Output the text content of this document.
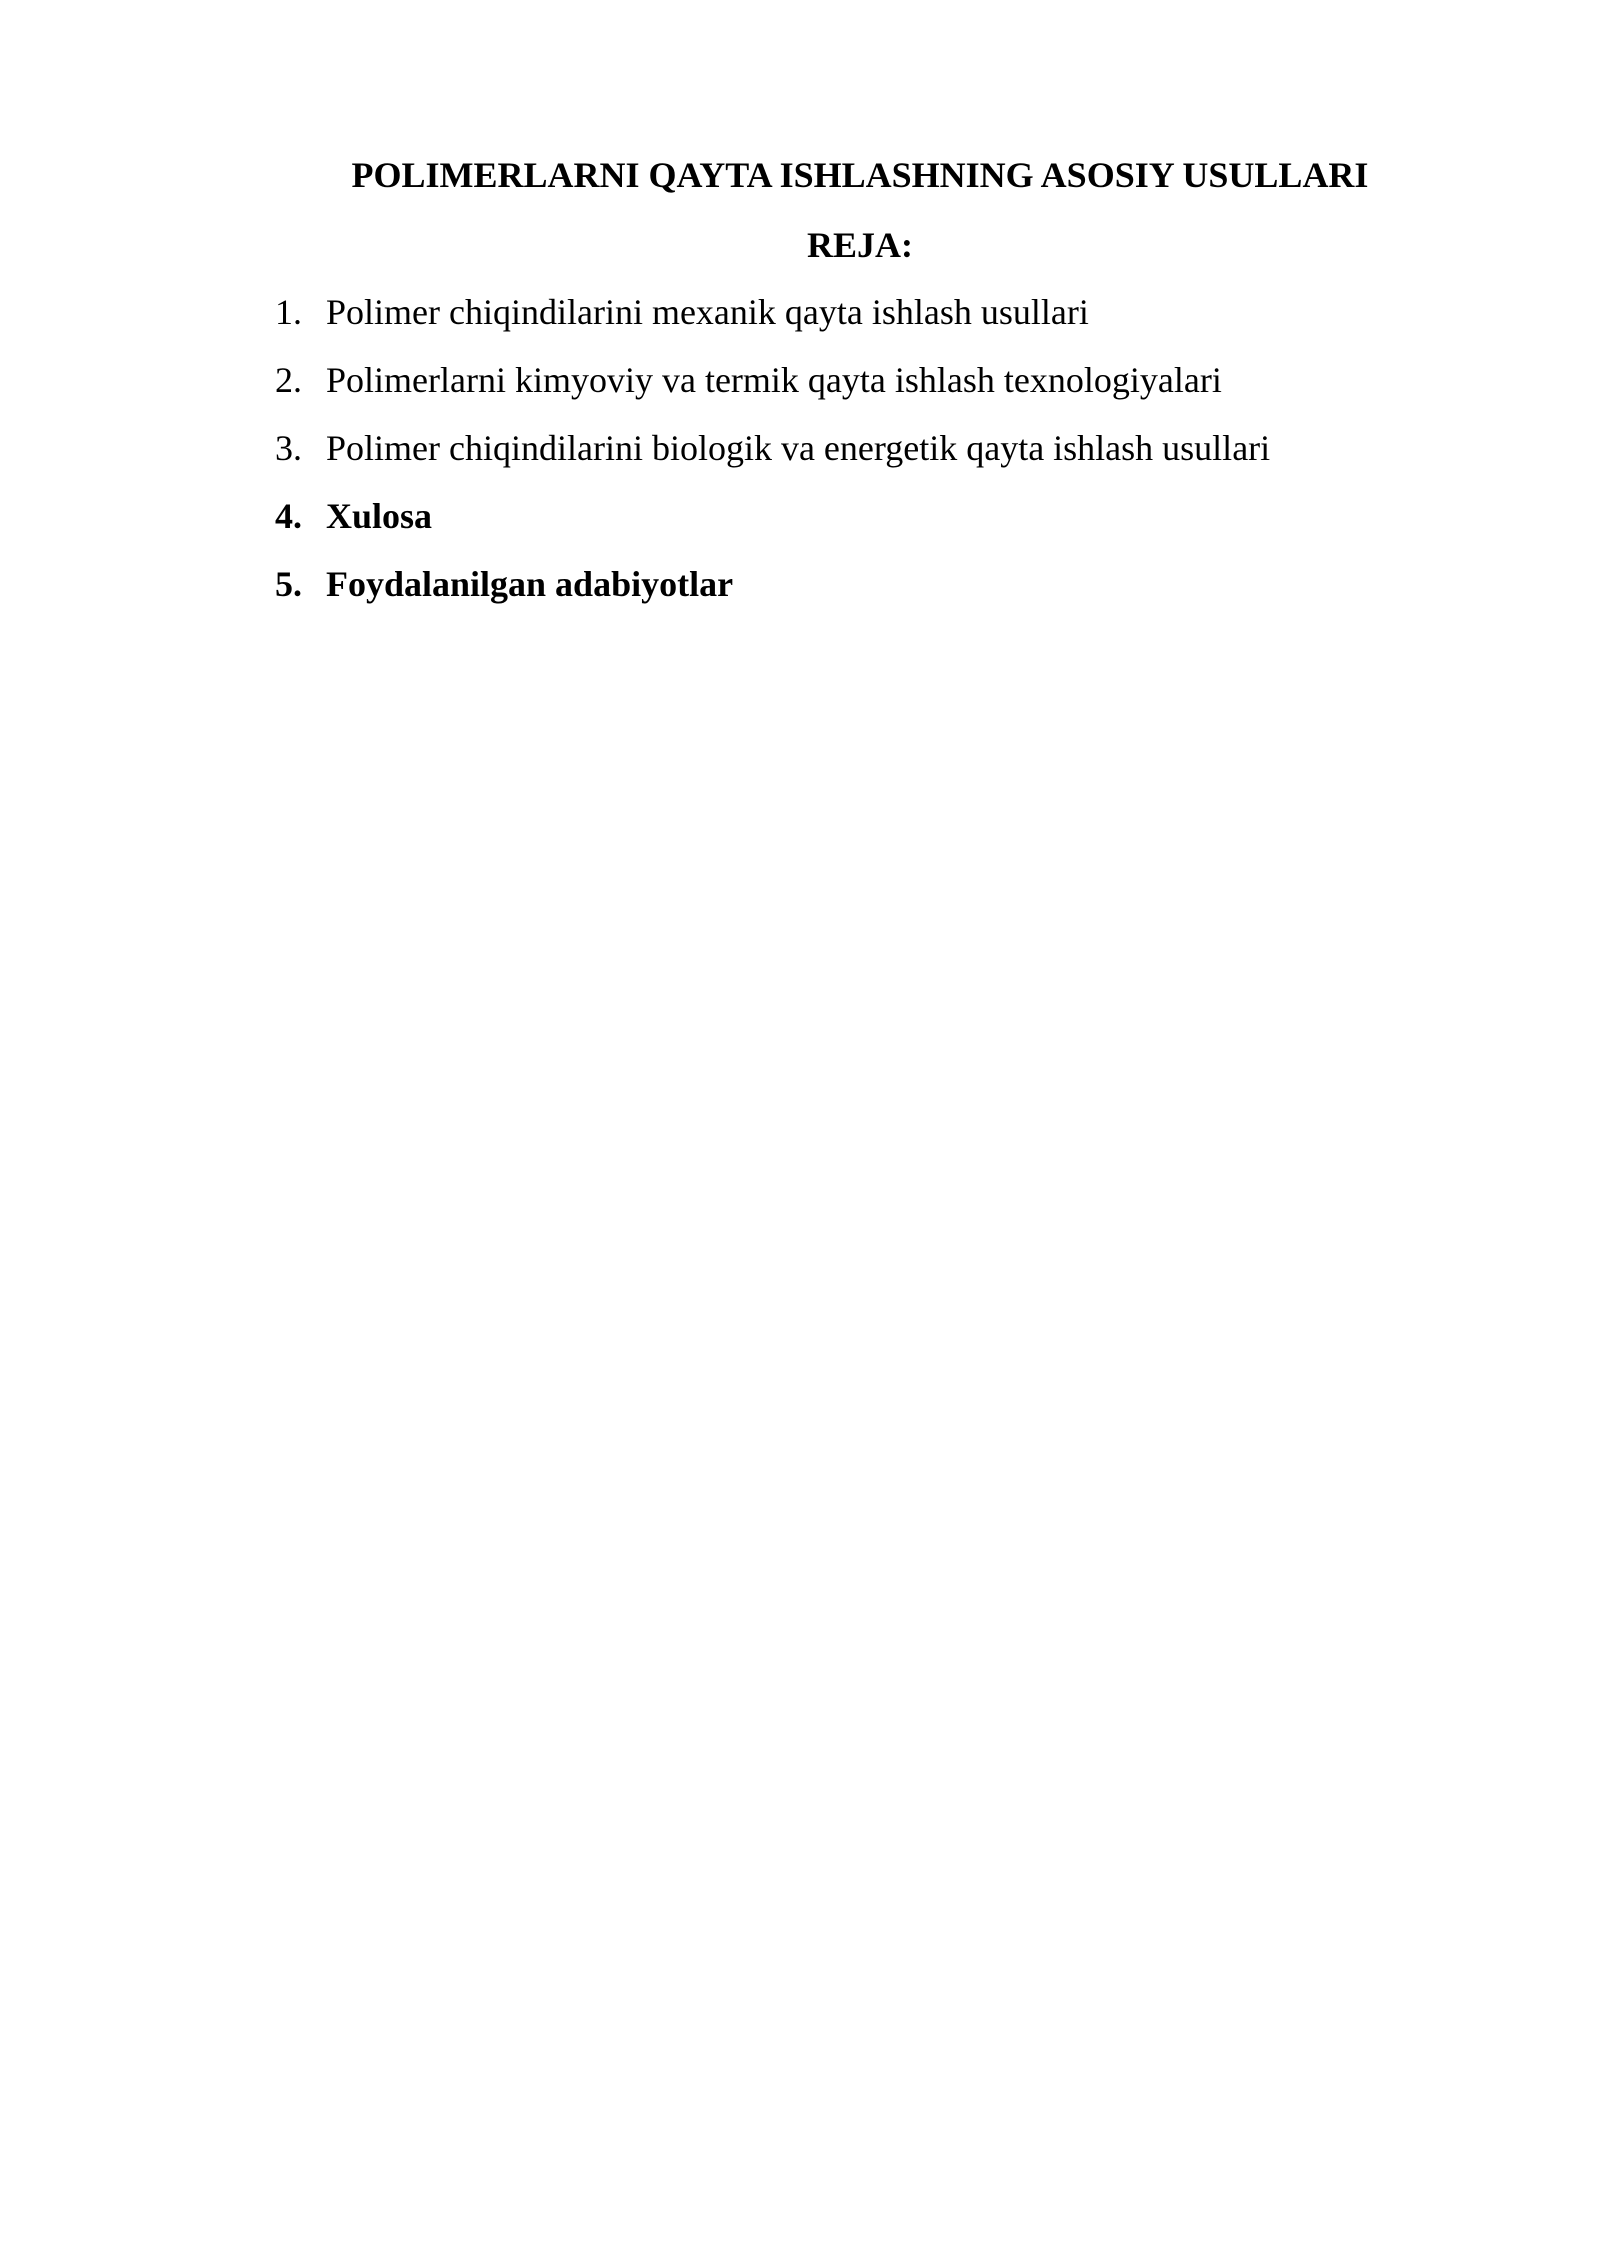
POLIMERLARNI QAYTA ISHLASHNING ASOSIY USULLARI
REJA:
1. Polimer chiqindilarini mexanik qayta ishlash usullari
2. Polimerlarni kimyoviy va termik qayta ishlash texnologiyalari
3. Polimer chiqindilarini biologik va energetik qayta ishlash usullari
4. Xulosa
5. Foydalanilgan adabiyotlar
